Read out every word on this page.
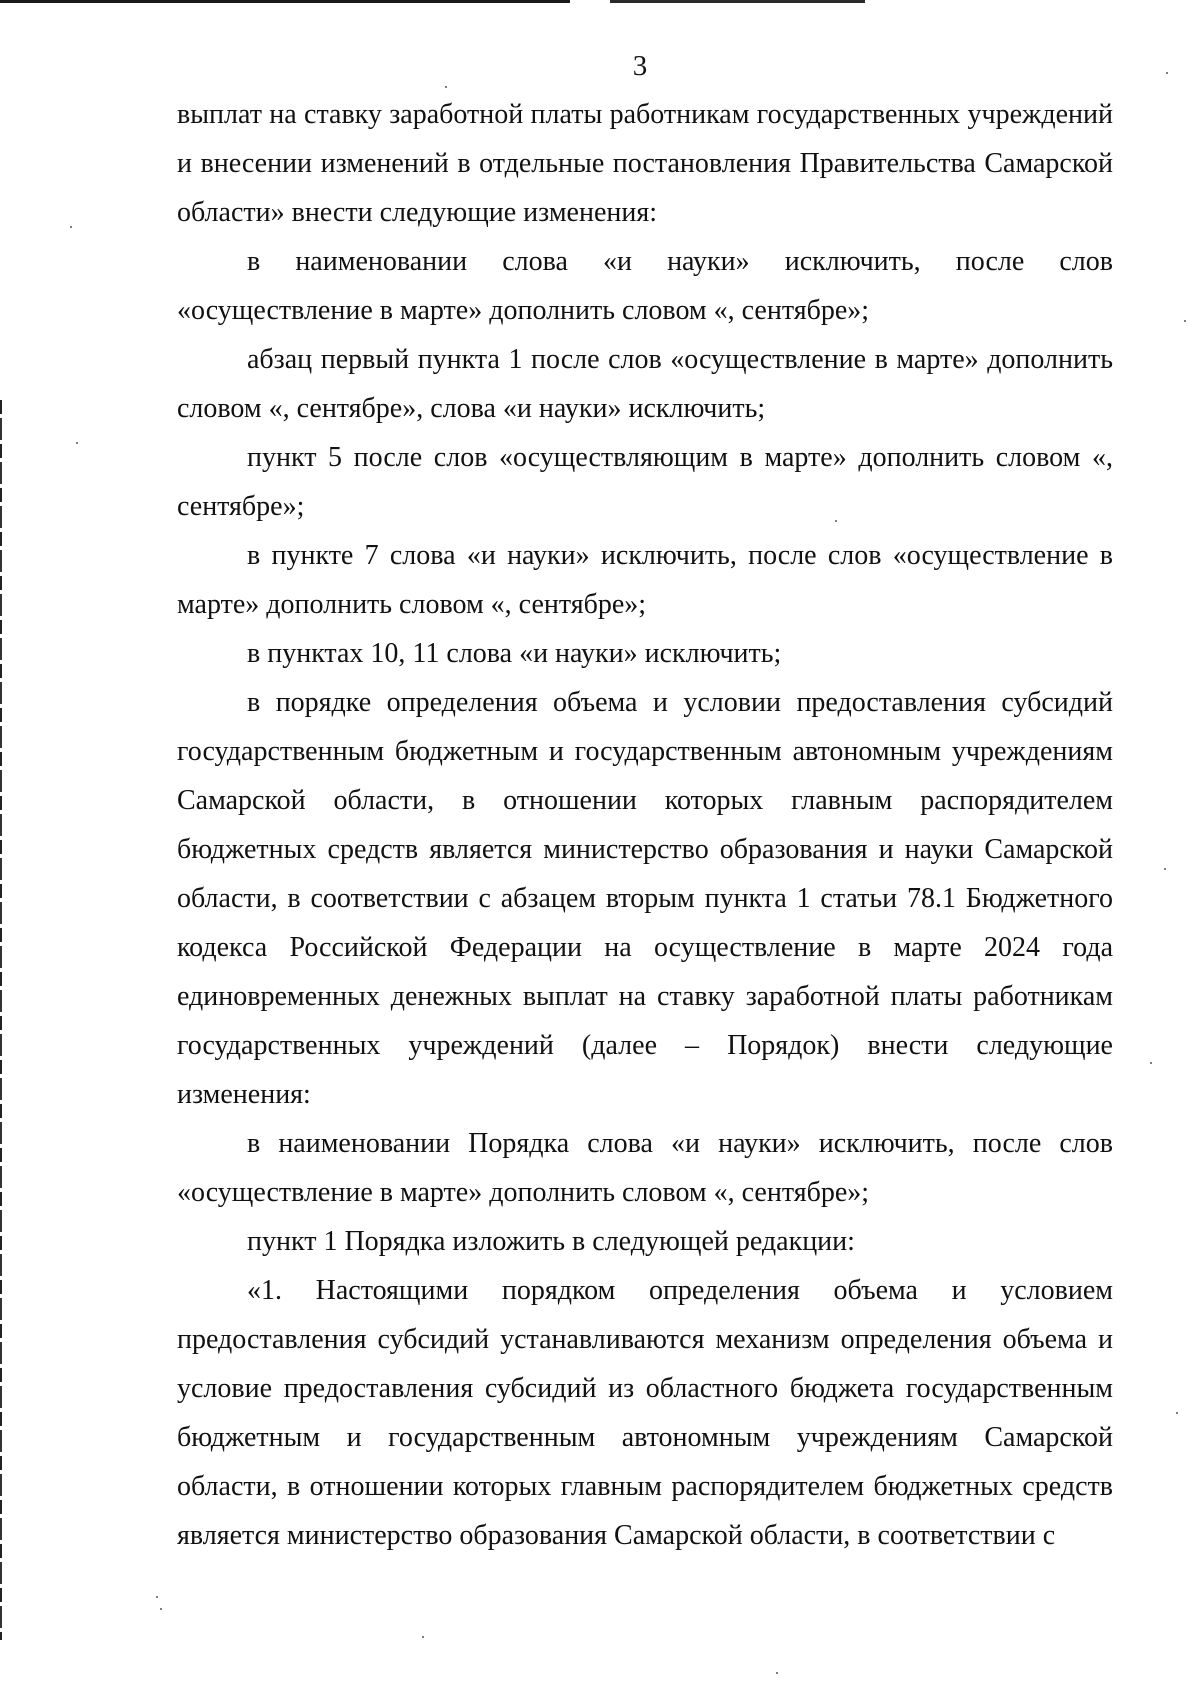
3

выплат на ставку заработной платы работникам государственных учреждений и внесении изменений в отдельные постановления Правительства Самарской области» внести следующие изменения:

в наименовании слова «и науки» исключить, после слов «осуществление в марте» дополнить словом «, сентябре»;

абзац первый пункта 1 после слов «осуществление в марте» дополнить словом «, сентябре», слова «и науки» исключить;

пункт 5 после слов «осуществляющим в марте» дополнить словом «, сентябре»;

в пункте 7 слова «и науки» исключить, после слов «осуществление в марте» дополнить словом «, сентябре»;

в пунктах 10, 11 слова «и науки» исключить;

в порядке определения объема и условии предоставления субсидий государственным бюджетным и государственным автономным учреждениям Самарской области, в отношении которых главным распорядителем бюджетных средств является министерство образования и науки Самарской области, в соответствии с абзацем вторым пункта 1 статьи 78.1 Бюджетного кодекса Российской Федерации на осуществление в марте 2024 года единовременных денежных выплат на ставку заработной платы работникам государственных учреждений (далее – Порядок) внести следующие изменения:

в наименовании Порядка слова «и науки» исключить, после слов «осуществление в марте» дополнить словом «, сентябре»;

пункт 1 Порядка изложить в следующей редакции:

«1. Настоящими порядком определения объема и условием предоставления субсидий устанавливаются механизм определения объема и условие предоставления субсидий из областного бюджета государственным бюджетным и государственным автономным учреждениям Самарской области, в отношении которых главным распорядителем бюджетных средств является министерство образования Самарской области, в соответствии с
